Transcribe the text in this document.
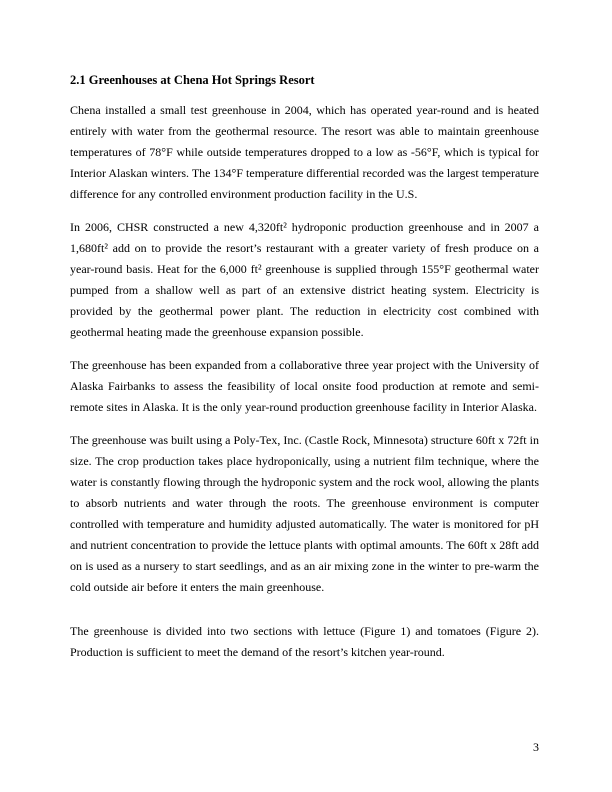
2.1 Greenhouses at Chena Hot Springs Resort

Chena installed a small test greenhouse in 2004, which has operated year-round and is heated entirely with water from the geothermal resource. The resort was able to maintain greenhouse temperatures of 78°F while outside temperatures dropped to a low as -56°F, which is typical for Interior Alaskan winters. The 134°F temperature differential recorded was the largest temperature difference for any controlled environment production facility in the U.S.

In 2006, CHSR constructed a new 4,320ft² hydroponic production greenhouse and in 2007 a 1,680ft² add on to provide the resort’s restaurant with a greater variety of fresh produce on a year-round basis. Heat for the 6,000 ft² greenhouse is supplied through 155°F geothermal water pumped from a shallow well as part of an extensive district heating system. Electricity is provided by the geothermal power plant. The reduction in electricity cost combined with geothermal heating made the greenhouse expansion possible.

The greenhouse has been expanded from a collaborative three year project with the University of Alaska Fairbanks to assess the feasibility of local onsite food production at remote and semi-remote sites in Alaska. It is the only year-round production greenhouse facility in Interior Alaska.

The greenhouse was built using a Poly-Tex, Inc. (Castle Rock, Minnesota) structure 60ft x 72ft in size. The crop production takes place hydroponically, using a nutrient film technique, where the water is constantly flowing through the hydroponic system and the rock wool, allowing the plants to absorb nutrients and water through the roots. The greenhouse environment is computer controlled with temperature and humidity adjusted automatically. The water is monitored for pH and nutrient concentration to provide the lettuce plants with optimal amounts. The 60ft x 28ft add on is used as a nursery to start seedlings, and as an air mixing zone in the winter to pre-warm the cold outside air before it enters the main greenhouse.

The greenhouse is divided into two sections with lettuce (Figure 1) and tomatoes (Figure 2). Production is sufficient to meet the demand of the resort’s kitchen year-round.

3
